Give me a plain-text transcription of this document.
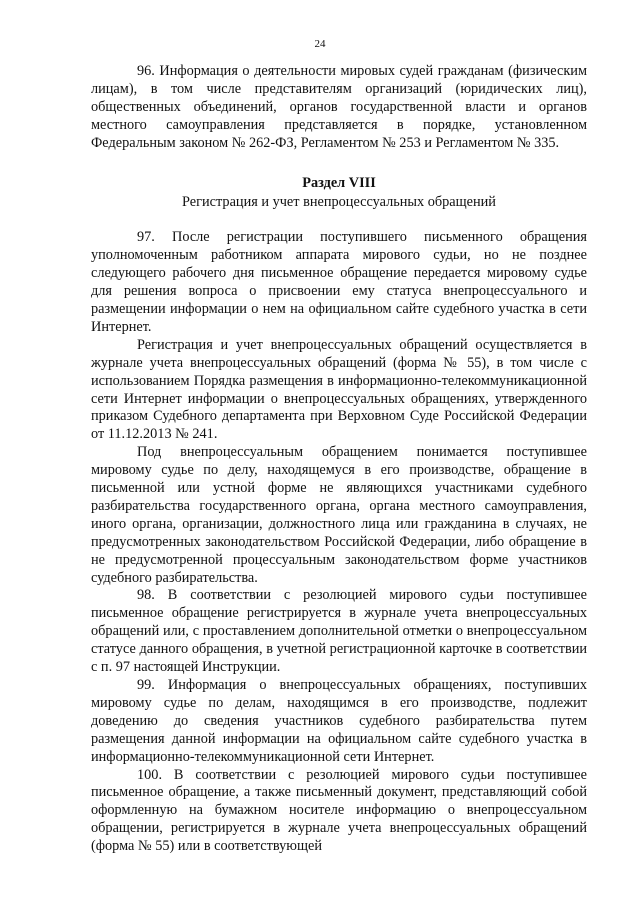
24

96. Информация о деятельности мировых судей гражданам (физическим лицам), в том числе представителям организаций (юридических лиц), общественных объединений, органов государственной власти и органов местного самоуправления представляется в порядке, установленном Федеральным законом № 262-ФЗ, Регламентом № 253 и Регламентом № 335.

Раздел VIII
Регистрация и учет внепроцессуальных обращений

97. После регистрации поступившего письменного обращения уполномоченным работником аппарата мирового судьи, но не позднее следующего рабочего дня письменное обращение передается мировому судье для решения вопроса о присвоении ему статуса внепроцессуального и размещении информации о нем на официальном сайте судебного участка в сети Интернет.

Регистрация и учет внепроцессуальных обращений осуществляется в журнале учета внепроцессуальных обращений (форма № 55), в том числе с использованием Порядка размещения в информационно-телекоммуникационной сети Интернет информации о внепроцессуальных обращениях, утвержденного приказом Судебного департамента при Верховном Суде Российской Федерации от 11.12.2013 № 241.

Под внепроцессуальным обращением понимается поступившее мировому судье по делу, находящемуся в его производстве, обращение в письменной или устной форме не являющихся участниками судебного разбирательства государственного органа, органа местного самоуправления, иного органа, организации, должностного лица или гражданина в случаях, не предусмотренных законодательством Российской Федерации, либо обращение в не предусмотренной процессуальным законодательством форме участников судебного разбирательства.

98. В соответствии с резолюцией мирового судьи поступившее письменное обращение регистрируется в журнале учета внепроцессуальных обращений или, с проставлением дополнительной отметки о внепроцессуальном статусе данного обращения, в учетной регистрационной карточке в соответствии с п. 97 настоящей Инструкции.

99. Информация о внепроцессуальных обращениях, поступивших мировому судье по делам, находящимся в его производстве, подлежит доведению до сведения участников судебного разбирательства путем размещения данной информации на официальном сайте судебного участка в информационно-телекоммуникационной сети Интернет.

100. В соответствии с резолюцией мирового судьи поступившее письменное обращение, а также письменный документ, представляющий собой оформленную на бумажном носителе информацию о внепроцессуальном обращении, регистрируется в журнале учета внепроцессуальных обращений (форма № 55) или в соответствующей
